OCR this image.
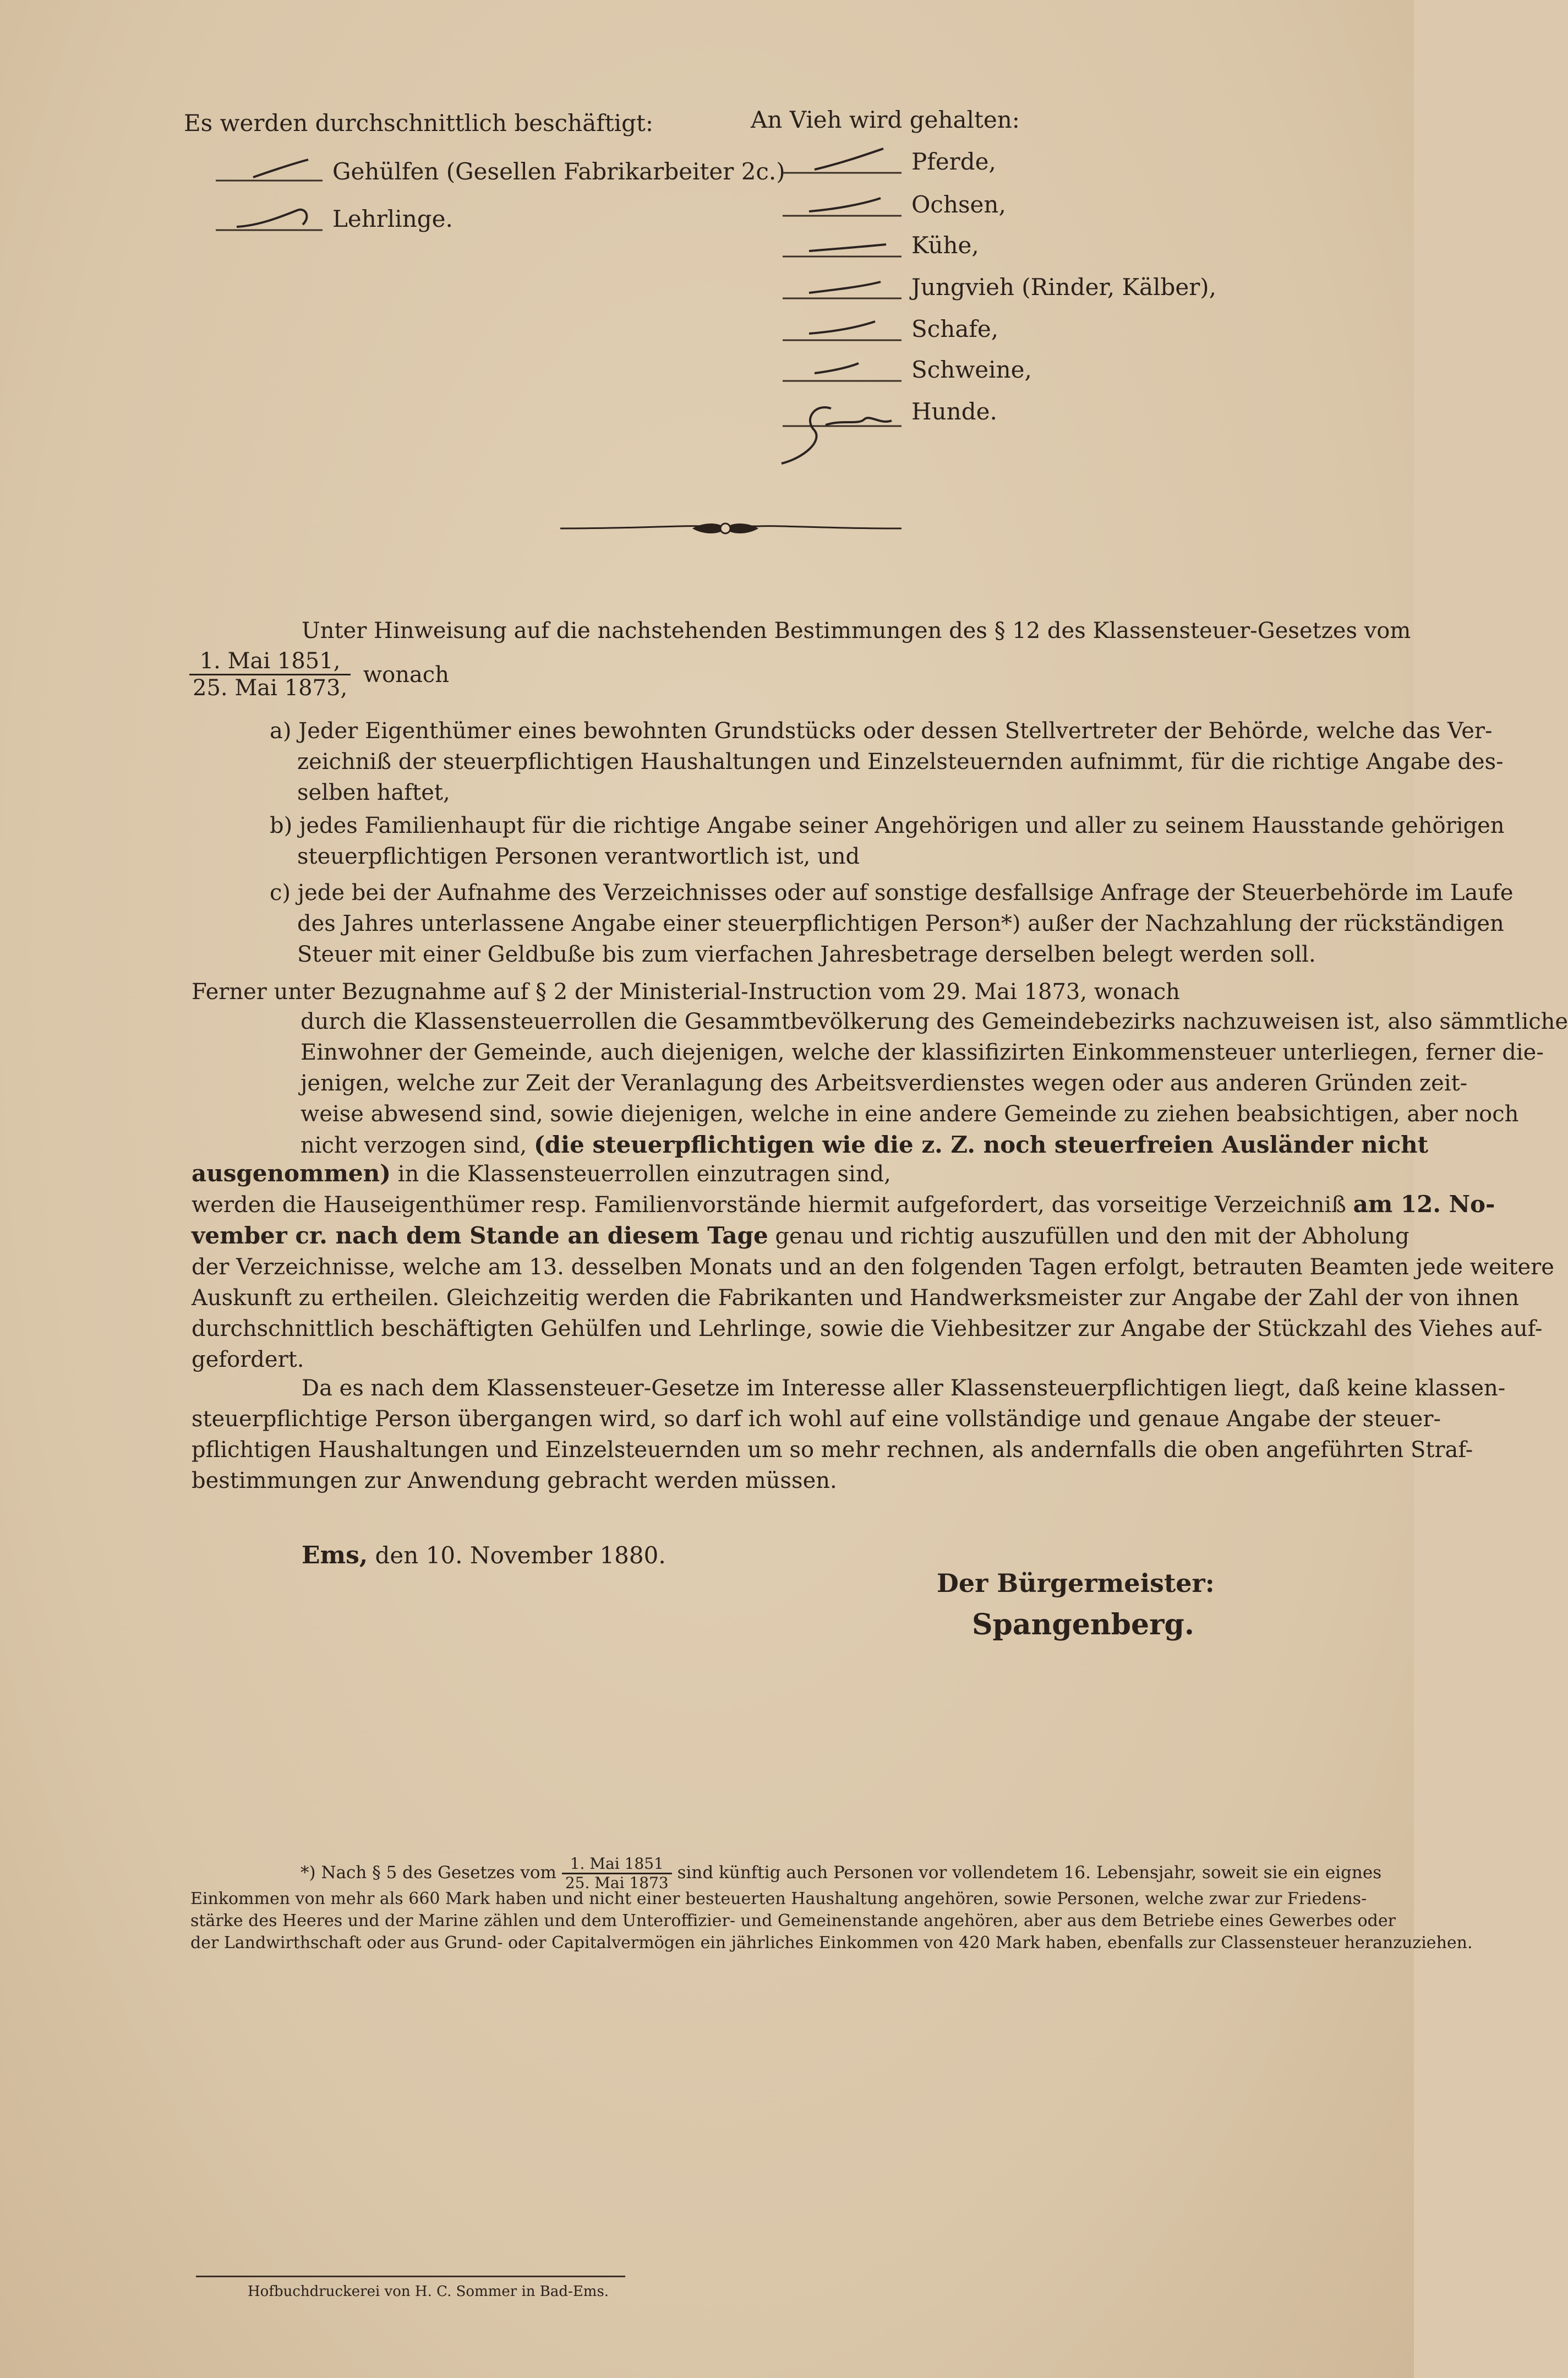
Es werden durchschnittlich beschäftigt:
Gehülfen (Gesellen Fabrikarbeiter 2c.)
Lehrlinge.
An Vieh wird gehalten:
Pferde,
Ochsen,
Kühe,
Jungvieh (Rinder, Kälber),
Schafe,
Schweine,
Hunde.
Unter Hinweisung auf die nachstehenden Bestimmungen des § 12 des Klassensteuer-Gesetzes vom
$\frac{\text{1. Mai 1851,}}{\text{25. Mai 1873,}}$ wonach
a) Jeder Eigenthümer eines bewohnten Grundstücks oder dessen Stellvertreter der Behörde, welche das Ver-
zeichniß der steuerpflichtigen Haushaltungen und Einzelsteuernden aufnimmt, für die richtige Angabe des-
selben haftet,
b) jedes Familienhaupt für die richtige Angabe seiner Angehörigen und aller zu seinem Hausstande gehörigen
steuerpflichtigen Personen verantwortlich ist, und
c) jede bei der Aufnahme des Verzeichnisses oder auf sonstige desfallsige Anfrage der Steuerbehörde im Laufe
des Jahres unterlassene Angabe einer steuerpflichtigen Person*) außer der Nachzahlung der rückständigen
Steuer mit einer Geldbuße bis zum vierfachen Jahresbetrage derselben belegt werden soll.
Ferner unter Bezugnahme auf § 2 der Ministerial-Instruction vom 29. Mai 1873, wonach
durch die Klassensteuerrollen die Gesammtbevölkerung des Gemeindebezirks nachzuweisen ist, also sämmtliche
Einwohner der Gemeinde, auch diejenigen, welche der klassifizirten Einkommensteuer unterliegen, ferner die-
jenigen, welche zur Zeit der Veranlagung des Arbeitsverdienstes wegen oder aus anderen Gründen zeit-
weise abwesend sind, sowie diejenigen, welche in eine andere Gemeinde zu ziehen beabsichtigen, aber noch
nicht verzogen sind, (die steuerpflichtigen wie die z. Z. noch steuerfreien Ausländer nicht
ausgenommen) in die Klassensteuerrollen einzutragen sind,
werden die Hauseigenthümer resp. Familienvorstände hiermit aufgefordert, das vorseitige Verzeichniß am 12. No-
vember cr. nach dem Stande an diesem Tage genau und richtig auszufüllen und den mit der Abholung
der Verzeichnisse, welche am 13. desselben Monats und an den folgenden Tagen erfolgt, betrauten Beamten jede weitere
Auskunft zu ertheilen. Gleichzeitig werden die Fabrikanten und Handwerksmeister zur Angabe der Zahl der von ihnen
durchschnittlich beschäftigten Gehülfen und Lehrlinge, sowie die Viehbesitzer zur Angabe der Stückzahl des Viehes auf-
gefordert.
Da es nach dem Klassensteuer-Gesetze im Interesse aller Klassensteuerpflichtigen liegt, daß keine klassen-
steuerpflichtige Person übergangen wird, so darf ich wohl auf eine vollständige und genaue Angabe der steuer-
pflichtigen Haushaltungen und Einzelsteuernden um so mehr rechnen, als andernfalls die oben angeführten Straf-
bestimmungen zur Anwendung gebracht werden müssen.
Ems, den 10. November 1880.
Der Bürgermeister:
Spangenberg.
*) Nach § 5 des Gesetzes vom $\frac{\text{1. Mai 1851}}{\text{25. Mai 1873}}$ sind künftig auch Personen vor vollendetem 16. Lebensjahr, soweit sie ein eignes
Einkommen von mehr als 660 Mark haben und nicht einer besteuerten Haushaltung angehören, sowie Personen, welche zwar zur Friedens-
stärke des Heeres und der Marine zählen und dem Unteroffizier- und Gemeinenstande angehören, aber aus dem Betriebe eines Gewerbes oder
der Landwirthschaft oder aus Grund- oder Capitalvermögen ein jährliches Einkommen von 420 Mark haben, ebenfalls zur Classensteuer heranzuziehen.
Hofbuchdruckerei von H. C. Sommer in Bad-Ems.
